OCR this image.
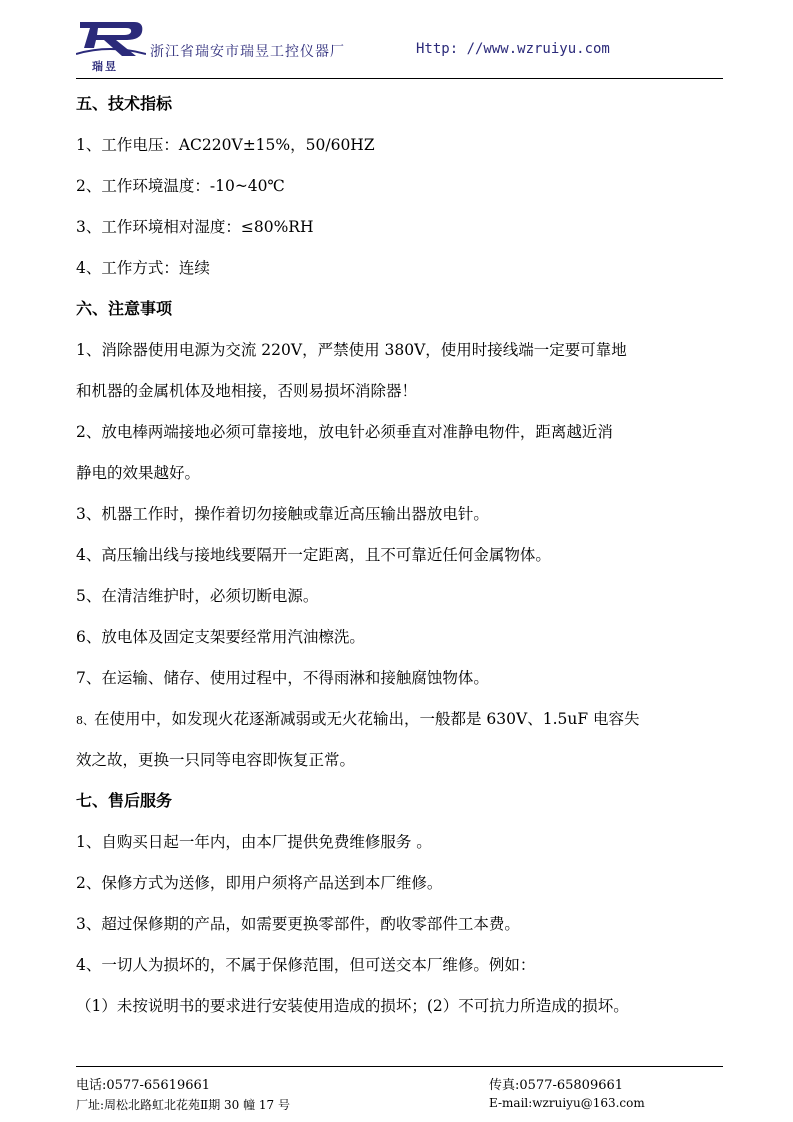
瑞昱
浙江省瑞安市瑞昱工控仪器厂	Http: //www.wzruiyu.com
五、技术指标
1、工作电压：AC220V±15%，50/60HZ
2、工作环境温度：-10~40℃
3、工作环境相对湿度：≤80%RH
4、工作方式：连续
六、注意事项
1、消除器使用电源为交流 220V，严禁使用 380V，使用时接线端一定要可靠地
和机器的金属机体及地相接，否则易损坏消除器！
2、放电棒两端接地必须可靠接地，放电针必须垂直对准静电物件，距离越近消
静电的效果越好。
3、机器工作时，操作着切勿接触或靠近高压输出器放电针。
4、高压输出线与接地线要隔开一定距离，且不可靠近任何金属物体。
5、在清洁维护时，必须切断电源。
6、放电体及固定支架要经常用汽油檫洗。
7、在运输、储存、使用过程中，不得雨淋和接触腐蚀物体。
8、在使用中，如发现火花逐渐减弱或无火花输出，一般都是 630V、1.5uF 电容失
效之故，更换一只同等电容即恢复正常。
七、售后服务
1、自购买日起一年内，由本厂提供免费维修服务 。
2、保修方式为送修，即用户须将产品送到本厂维修。
3、超过保修期的产品，如需要更换零部件，酌收零部件工本费。
4、一切人为损坏的，不属于保修范围，但可送交本厂维修。例如：
（1）未按说明书的要求进行安装使用造成的损坏；(2）不可抗力所造成的损坏。
电话:0577-65619661	传真:0577-65809661
厂址:周松北路虹北花苑Ⅱ期 30 幢 17 号	E-mail:wzruiyu@163.com
